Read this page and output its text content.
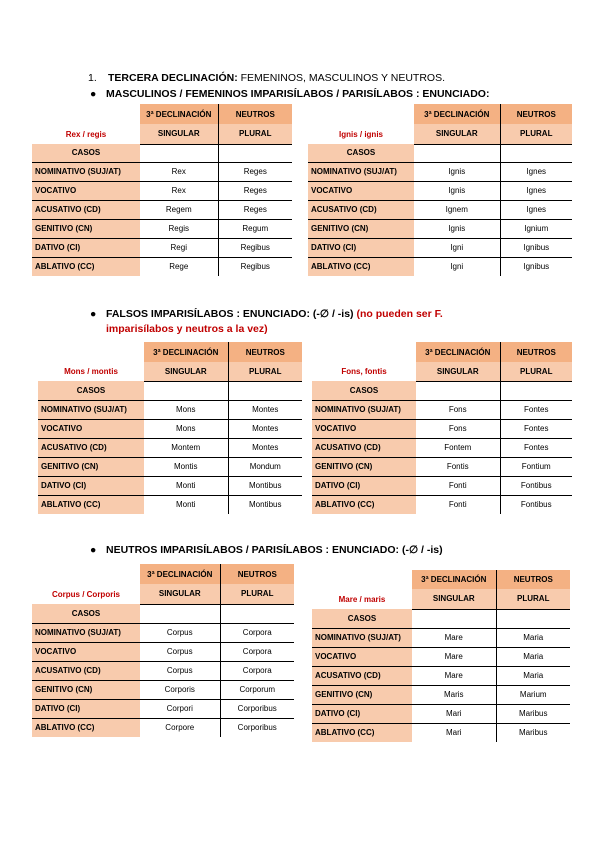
1. TERCERA DECLINACIÓN: FEMENINOS, MASCULINOS Y NEUTROS.
● MASCULINOS / FEMENINOS IMPARISÍLABOS / PARISÍLABOS : ENUNCIADO:
● FALSOS IMPARISÍLABOS : ENUNCIADO: (-∅ / -is) (no pueden ser F.
imparisílabos y neutros a la vez)
● NEUTROS IMPARISÍLABOS / PARISÍLABOS : ENUNCIADO: (-∅ / -is)
	3ª DECLINACIÓN	NEUTROS
Rex / regis	SINGULAR	PLURAL
CASOS		
NOMINATIVO (SUJ/AT)	Rex	Reges
VOCATIVO	Rex	Reges
ACUSATIVO (CD)	Regem	Reges
GENITIVO (CN)	Regis	Regum
DATIVO (CI)	Regi	Regibus
ABLATIVO (CC)	Rege	Regibus
	3ª DECLINACIÓN	NEUTROS
Ignis / ignis	SINGULAR	PLURAL
CASOS		
NOMINATIVO (SUJ/AT)	Ignis	Ignes
VOCATIVO	Ignis	Ignes
ACUSATIVO (CD)	Ignem	Ignes
GENITIVO (CN)	Ignis	Ignium
DATIVO (CI)	Igni	Ignibus
ABLATIVO (CC)	Igni	Ignibus
	3ª DECLINACIÓN	NEUTROS
Mons / montis	SINGULAR	PLURAL
CASOS		
NOMINATIVO (SUJ/AT)	Mons	Montes
VOCATIVO	Mons	Montes
ACUSATIVO (CD)	Montem	Montes
GENITIVO (CN)	Montis	Mondum
DATIVO (CI)	Monti	Montibus
ABLATIVO (CC)	Monti	Montibus
	3ª DECLINACIÓN	NEUTROS
Fons, fontis	SINGULAR	PLURAL
CASOS		
NOMINATIVO (SUJ/AT)	Fons	Fontes
VOCATIVO	Fons	Fontes
ACUSATIVO (CD)	Fontem	Fontes
GENITIVO (CN)	Fontis	Fontium
DATIVO (CI)	Fonti	Fontibus
ABLATIVO (CC)	Fonti	Fontibus
	3ª DECLINACIÓN	NEUTROS
Corpus / Corporis	SINGULAR	PLURAL
CASOS		
NOMINATIVO (SUJ/AT)	Corpus	Corpora
VOCATIVO	Corpus	Corpora
ACUSATIVO (CD)	Corpus	Corpora
GENITIVO (CN)	Corporis	Corporum
DATIVO (CI)	Corpori	Corporibus
ABLATIVO (CC)	Corpore	Corporibus
	3ª DECLINACIÓN	NEUTROS
Mare / maris	SINGULAR	PLURAL
CASOS		
NOMINATIVO (SUJ/AT)	Mare	Maria
VOCATIVO	Mare	Maria
ACUSATIVO (CD)	Mare	Maria
GENITIVO (CN)	Maris	Marium
DATIVO (CI)	Mari	Maribus
ABLATIVO (CC)	Mari	Maribus
